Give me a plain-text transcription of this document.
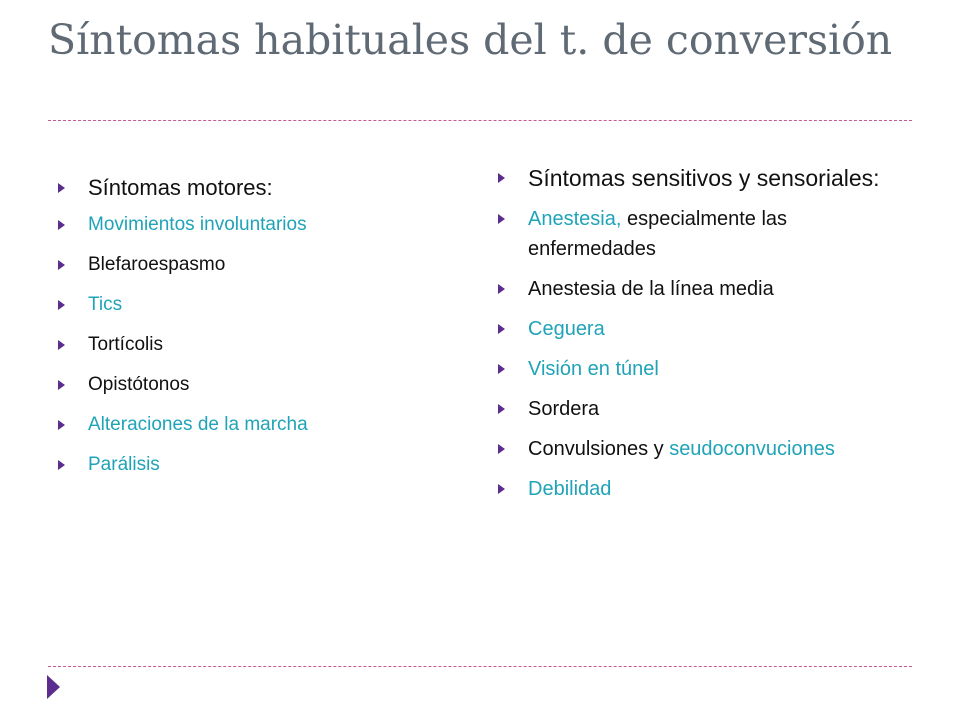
Síntomas habituales del t. de conversión
Síntomas motores:
Movimientos involuntarios
Blefaroespasmo
Tics
Tortícolis
Opistótonos
Alteraciones de la marcha
Parálisis
Síntomas sensitivos y sensoriales:
Anestesia, especialmente las enfermedades
Anestesia de la línea media
Ceguera
Visión en túnel
Sordera
Convulsiones y seudoconvuciones
Debilidad
